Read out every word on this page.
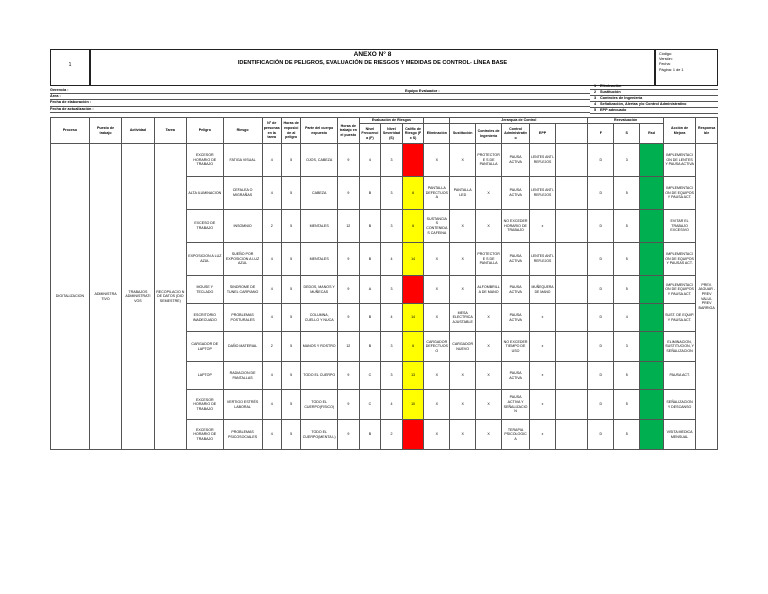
1
ANEXO N° 8
IDENTIFICACIÓN DE PELIGROS, EVALUACIÓN DE RIESGOS Y MEDIDAS DE CONTROL- LÍNEA BASE
Código:
Versión:
Fecha:
Página: 1 de 1
Gerencia :
Área :
Fecha de elaboración :
Fecha de actualización :
Equipo Evaluador :
1	Eliminación
2	Sustitución
3	Controles de Ingeniería
4	Señalización, Alertas y/o Control Administrativo
5	EPP adecuado
Proceso	Puesto de trabajo	Actividad	Tarea	Peligro	Riesgo	N° de personas en la tarea	Horas de exposición al peligro	Parte del cuerpo expuesto	Horas de trabajo en el puesto	Evaluación de Riesgos				Jerarquía de Control					Reevaluación			Acción de Mejora	Responsable
										Nivel Frecuencia (F)	Nivel Severidad (S)	Calific de Riesgo (F x S)	Eliminación	Sustitución	Controles de Ingeniería	Control Administrativo	EPP		F	S	Rsd		
DIGITALIZACION	ADMINISTRA TIVO	TRABAJOS ADMINISTRATI VOS	RECOPILACIO N DE DATOS (DIO SEMESTRE)	EXCESOR HORARIO DE TRABAJO	FATIGA VISUAL	4	5	OJOS, CABEZA	9	4	3		X	X	PROTECTORE S DE PANTALLA	PAUSA ACTIVA	LENTES ANTI-REFLEJOS		D	3		IMPLEMENTACI ON DE LENTES Y PAUSA ACTIVA	PREV. JAGUAR - PREV VALUI- PREV BARRIGA
				ALTA ILUMINACION	CEFALEA O MIGRAÑAS	4	5	CABEZA	9	B	3	6	PANTALLA DEFECTUOS A	PANTALLA LED	X	PAUSA ACTIVA	LENTES ANTI-REFLEJOS		D	5		IMPLEMENTACI ON DE EQUIPOS Y PAUSA ACT.	
				EXCESO DE TRABAJO	INSOMNIO	2	5	MENTALES	12	B	3	6	SUSTANCIA S CONTENIDAS CAFEINA	X	X	NO EXCEDER HORARIO DE TRABAJO	x		D	5		EVITAR EL TRABAJO EXCESIVO	
				EXPOSICION A LUZ AZUL	SUEÑO POR EXPOSICION A LUZ AZUL	4	5	MENTALES	9	B	4	14	X	X	PROTECTORE S DE PANTALLA	PAUSA ACTIVA	LENTES ANTI-REFLEJOS		D	5		IMPLEMENTACI ON DE EQUIPOS Y PAUSAS ACT.	
				MOUSE Y TECLADO	SINDROME DE TUNEL CARPIANO	4	5	DEDOS, MANOS Y MUÑECAS	9	A	3		X	X	ALFOMBRILLA DE MANO	PAUSA ACTIVA	MUÑEQUERA DE MANO		D	5		IMPLEMENTACI ON DE EQUIPOS Y PAUSA ACT.	
				ESCRITORIO INADECUADO	PROBLEMAS POSTURALES	4	5	COLUMNA, CUELLO Y NUCA	9	B	4	14	X	MESA ELECTRICA AJUSTABLE	X	PAUSA ACTIVA	x		D	4		SUST. DE EQUIP. Y PAUSA ACT.	
				CARGADOR DE LAPTOP	DAÑO MATERIAL	2	5	MANOS Y ROSTRO	12	B	3	6	CARGADOR DEFECTUOS O	CARGADOR NUEVO	X	NO EXCEDER TIEMPO DE USO	x		D	3		ELIMINACION, SUSTITUCION, Y SEÑALIZACION	
				LAPTOP	RADIACION DE PANTALLAS	4	5	TODO EL CUERPO	9	C	3	13	X	X	X	PAUSA ACTIVA	x		D	5		PAUSA ACT.	
				EXCESOR HORARIO DE TRABAJO	VERTIGO ESTRÉS LABORAL	4	5	TODO EL CUERPO(FISICO)	9	C	4	10	X	X	X	PAUSA ACTIVA Y SEÑALIZACIO N	x		D	5		SEÑALIZACION Y DESCANSO	
				EXCESOR HORARIO DE TRABAJO	PROBLEMAS PSICOSOCIALES	4	5	TODO EL CUERPO(MENTA L)	9	B	2		X	X	X	TERAPIA PSICOLOGIC A	x		D	5		VISITA MEDICA MENSUAL	
